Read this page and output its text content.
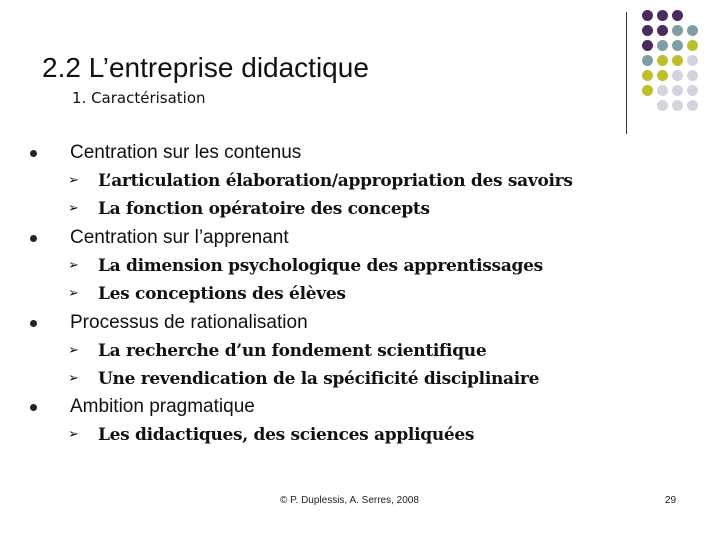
2.2 L’entreprise didactique
1. Caractérisation
Centration sur les contenus
➢ L’articulation élaboration/appropriation des savoirs
➢ La fonction opératoire des concepts
Centration sur l’apprenant
➢ La dimension psychologique des apprentissages
➢ Les conceptions des élèves
Processus de rationalisation
➢ La recherche d’un fondement scientifique
➢ Une revendication de la spécificité disciplinaire
Ambition pragmatique
➢ Les didactiques, des sciences appliquées
© P. Duplessis, A. Serres, 2008	29
